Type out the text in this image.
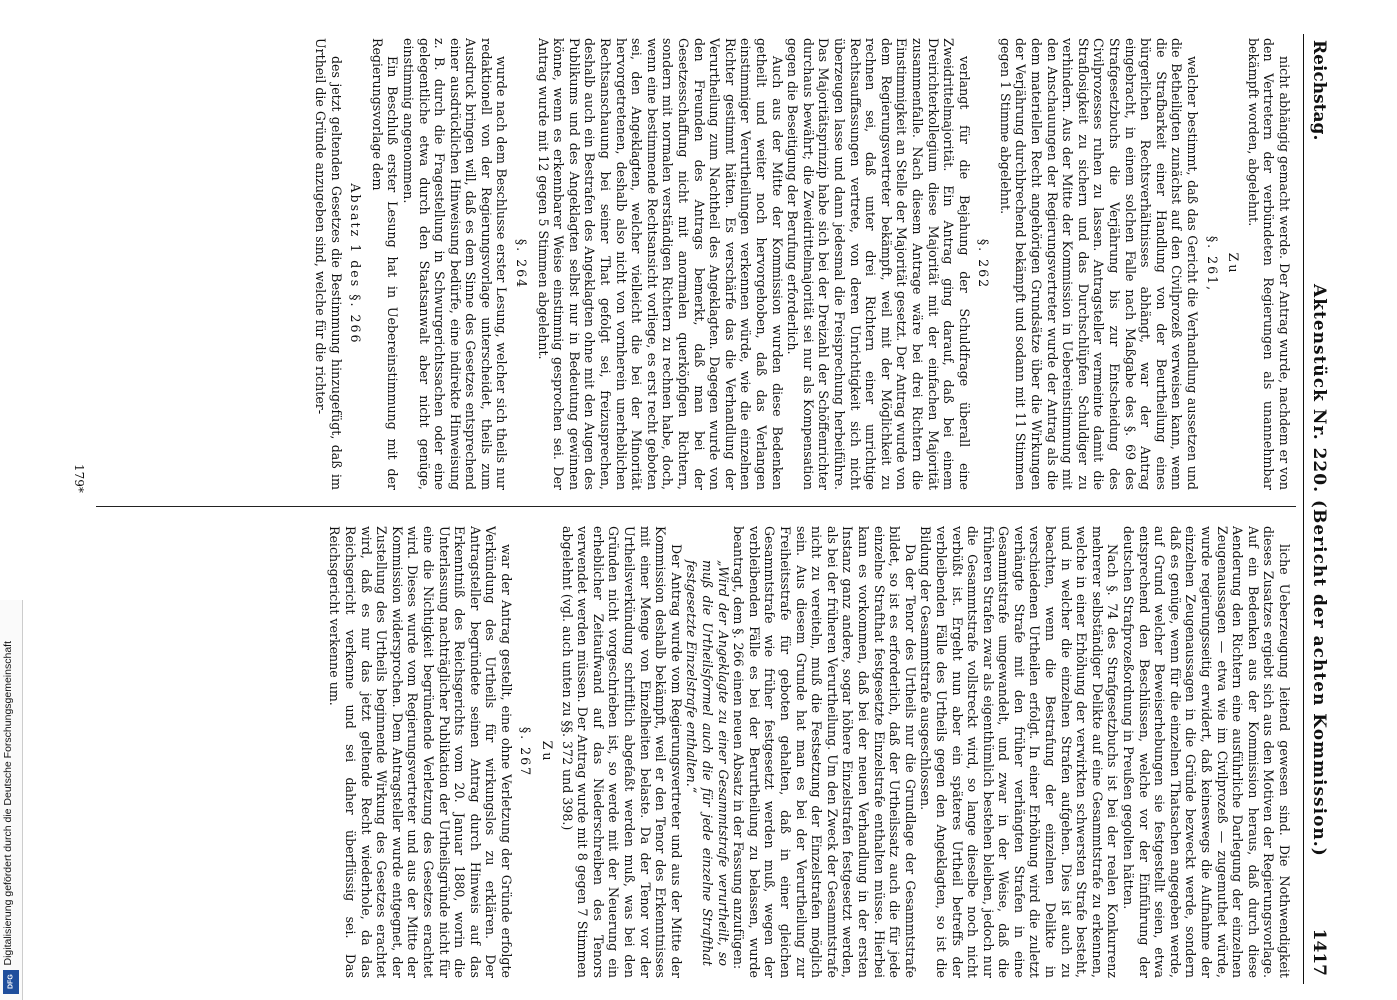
Reichstag.
Aktenstück Nr. 220. (Bericht der achten Kommission.)
1417

nicht abhängig gemacht werde. Der Antrag wurde, nachdem er von den Vertretern der verbündeten Regierungen als unannehmbar bekämpft worden, abgelehnt.

Zu

§. 261,

welcher bestimmt, daß das Gericht die Verhandlung aussetzen und die Betheiligten zunächst auf den Civilprozeß verweisen kann, wenn die Strafbarkeit einer Handlung von der Beurtheilung eines bürgerlichen Rechtsverhältnisses abhängt, war der Antrag eingebracht, in einem solchen Falle nach Maßgabe des §. 69 des Strafgesetzbuchs die Verjährung bis zur Entscheidung des Civilprozesses ruhen zu lassen. Antragsteller vermeinte damit die Straflosigkeit zu sichern und das Durchschlüpfen Schuldiger zu verhindern. Aus der Mitte der Kommission in Uebereinstimmung mit den Anschauungen der Regierungsvertreter wurde der Antrag als die dem materiellen Recht angehörigen Grundsätze über die Wirkungen der Verjährung durchbrechend bekämpft und sodann mit 11 Stimmen gegen 1 Stimme abgelehnt.

§. 262

verlangt für die Bejahung der Schuldfrage überall eine Zweidrittelmajorität. Ein Antrag ging darauf, daß bei einem Dreirichterkollegium diese Majorität mit der einfachen Majorität zusammenfalle. Nach diesem Antrage wäre bei drei Richtern die Einstimmigkeit an Stelle der Majorität gesetzt. Der Antrag wurde von dem Regierungsvertreter bekämpft, weil mit der Möglichkeit zu rechnen sei, daß unter drei Richtern einer unrichtige Rechtsauffassungen vertrete, von deren Unrichtigkeit sich nicht überzeugen lasse und dann jedesmal die Freisprechung herbeiführe. Das Majoritätsprinzip habe sich bei der Dreizahl der Schöffenrichter durchaus bewährt; die Zweidrittelmajorität sei nur als Kompensation gegen die Beseitigung der Berufung erforderlich.

Auch aus der Mitte der Kommission wurden diese Bedenken getheilt und weiter noch hervorgehoben, daß das Verlangen einstimmiger Verurtheilungen verkennen würde, wie die einzelnen Richter gestimmt hätten. Es verschärfe das die Verhandlung der Verurtheilung zum Nachtheil des Angeklagten. Dagegen wurde von den Freunden des Antrags bemerkt, daß man bei der Gesetzesschaffung nicht mit anormalen querköpfigen Richtern, sondern mit normalen verständigen Richtern zu rechnen habe, doch, wenn eine bestimmende Rechtsansicht vorliege, es erst recht geboten sei, den Angeklagten, welcher vielleicht die bei der Minorität hervorgetretenen, deshalb also nicht von vornherein unerheblichen Rechtsanschauung bei seiner That gefolgt sei, freizusprechen, deshalb auch ein Bestrafen des Angeklagten ohne mit den Augen des Publikums und des Angeklagten selbst nur in Bedeutung gewinnen könne, wenn es erkennbarer Weise einstimmig gesprochen sei. Der Antrag wurde mit 12 gegen 5 Stimmen abgelehnt.

§. 264

wurde nach dem Beschlusse erster Lesung, welcher sich theils nur redaktionell von der Regierungsvorlage unterscheidet, theils zum Ausdruck bringen will, daß es dem Sinne des Gesetzes entsprechend einer ausdrücklichen Hinweisung bedürfe, eine indirekte Hinweisung z. B. durch die Fragestellung in Schwurgerichtssachen oder eine gelegentliche etwa durch den Staatsanwalt aber nicht genüge, einstimmig angenommen.

Ein Beschluß erster Lesung hat in Uebereinstimmung mit der Regierungsvorlage dem

Absatz 1 des §. 266

des jetzt geltenden Gesetzes die Bestimmung hinzugefügt, daß im Urtheil die Gründe anzugeben sind, welche für die richter-

liche Ueberzeugung leitend gewesen sind. Die Nothwendigkeit dieses Zusatzes ergiebt sich aus den Motiven der Regierungsvorlage. Auf ein Bedenken aus der Kommission heraus, daß durch diese Aenderung den Richtern eine ausführliche Darlegung der einzelnen Zeugenaussagen — etwa wie im Civilprozeß — zugemuthet würde, wurde regierungsseitig erwidert, daß keineswegs die Aufnahme der einzelnen Zeugenaussagen in die Gründe bezweckt werde, sondern daß es genüge, wenn für die einzelnen Thatsachen angegeben werde, auf Grund welcher Beweiserhebungen sie festgestellt seien, etwa entsprechend den Beschlüssen, welche vor der Einführung der deutschen Strafprozeßordnung in Preußen gegolten hätten.

Nach §. 74 des Strafgesetzbuchs ist bei der realen Konkurrenz mehrerer selbständiger Delikte auf eine Gesammtstrafe zu erkennen, welche in einer Erhöhung der verwirkten schwersten Strafe besteht, und in welcher die einzelnen Strafen aufgehen. Dies ist auch zu beachten, wenn die Bestrafung der einzelnen Delikte in verschiedenen Urtheilen erfolgt. In einer Erhöhung wird die zuletzt verhängte Strafe mit den früher verhängten Strafen in eine Gesammtstrafe umgewandelt, und zwar in der Weise, daß die früheren Strafen zwar als eigenthümlich bestehen bleiben, jedoch nur die Gesammtstrafe vollstreckt wird, so lange dieselbe noch nicht verbüßt ist. Ergeht nun aber ein späteres Urtheil betreffs der verbleibenden Fälle des Urtheils gegen den Angeklagten, so ist die Bildung der Gesammtstrafe ausgeschlossen.

Da der Tenor des Urtheils nur die Grundlage der Gesammtstrafe bildet, so ist es erforderlich, daß der Urtheilssatz auch die für jede einzelne Strafthat festgesetzte Einzelstrafe enthalten müsse. Hierbei kann es vorkommen, daß bei der neuen Verhandlung in der ersten Instanz ganz andere, sogar höhere Einzelstrafen festgesetzt werden, als bei der früheren Verurtheilung. Um den Zweck der Gesammtstrafe nicht zu vereiteln, muß die Festsetzung der Einzelstrafen möglich sein. Aus diesem Grunde hat man es bei der Verurtheilung zur Freiheitsstrafe für geboten gehalten, daß in einer gleichen Gesammtstrafe wie früher festgesetzt werden muß, wegen der verbleibenden Fälle es bei der Berurtheilung zu belassen, wurde beantragt, dem §. 266 einen neuen Absatz in der Fassung anzufügen:

„Wird der Angeklagte zu einer Gesammtstrafe verurtheilt, so muß die Urtheilsformel auch die für jede einzelne Strafthat festgesetzte Einzelstrafe enthalten.“

Der Antrag wurde vom Regierungsvertreter und aus der Mitte der Kommission deshalb bekämpft, weil er den Tenor des Erkenntnisses mit einer Menge von Einzelheiten belaste. Da der Tenor vor der Urtheilsverkündung schriftlich abgefaßt werden muß, was bei den Gründen nicht vorgeschrieben ist, so werde mit der Neuerung ein erheblicher Zeitaufwand auf das Niederschreiben des Tenors verwendet werden müssen. Der Antrag wurde mit 8 gegen 7 Stimmen abgelehnt (vgl. auch unten zu §§. 372 und 398.)

Zu

§. 267

war der Antrag gestellt, eine ohne Verletzung der Gründe erfolgte Verkündung des Urtheils für wirkungslos zu erklären. Der Antragsteller begründete seinen Antrag durch Hinweis auf das Erkenntniß des Reichsgerichts vom 20. Januar 1880, worin die Unterlassung nachträglicher Publikation der Urtheilsgründe nicht für eine die Nichtigkeit begründende Verletzung des Gesetzes erachtet wird. Dieses wurde vom Regierungsvertreter und aus der Mitte der Kommission widersprochen. Dem Antragsteller wurde entgegnet, der Zustellung des Urtheils beginnende Wirkung des Gesetzes erachtet wird, daß es nur das jetzt geltende Recht wiederhole, da das Reichsgericht verkenne und sei daher überflüssig sei. Das Reichsgericht verkenne um.

179*
Digitalisierung gefördert durch die Deutsche Forschungsgemeinschaft
DFG
